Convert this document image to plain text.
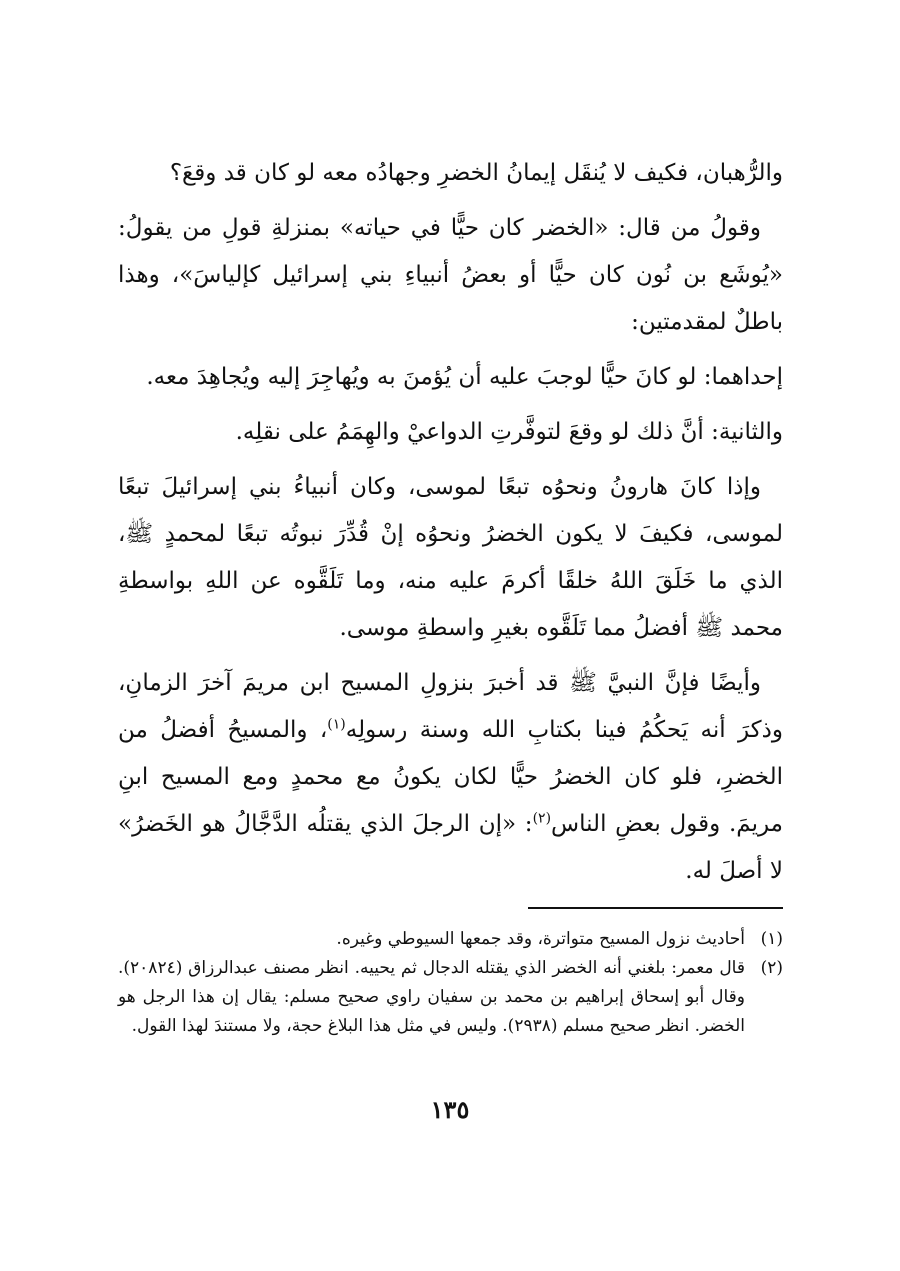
والرُّهبان، فكيف لا يُنقَل إيمانُ الخضرِ وجهادُه معه لو كان قد وقعَ؟

وقولُ من قال: «الخضر كان حيًّا في حياته» بمنزلةِ قولِ من يقولُ: «يُوشَع بن نُون كان حيًّا أو بعضُ أنبياءِ بني إسرائيل كإلياسَ»، وهذا باطلٌ لمقدمتين:

إحداهما: لو كانَ حيًّا لوجبَ عليه أن يُؤمنَ به ويُهاجِرَ إليه ويُجاهِدَ معه.

والثانية: أنَّ ذلك لو وقعَ لتوفَّرتِ الدواعيْ والهِمَمُ على نقلِه.

وإذا كانَ هارونُ ونحوُه تبعًا لموسى، وكان أنبياءُ بني إسرائيلَ تبعًا لموسى، فكيفَ لا يكون الخضرُ ونحوُه إنْ قُدِّرَ نبوتُه تبعًا لمحمدٍ ﷺ، الذي ما خَلَقَ اللهُ خلقًا أكرمَ عليه منه، وما تَلَقَّوه عن اللهِ بواسطةِ محمد ﷺ أفضلُ مما تَلَقَّوه بغيرِ واسطةِ موسى.

وأيضًا فإنَّ النبيَّ ﷺ قد أخبرَ بنزولِ المسيح ابن مريمَ آخرَ الزمانِ، وذكرَ أنه يَحكُمُ فينا بكتابِ الله وسنة رسولِه$^{(١)}$، والمسيحُ أفضلُ من الخضرِ، فلو كان الخضرُ حيًّا لكان يكونُ مع محمدٍ ومع المسيح ابنِ مريمَ. وقول بعضِ الناس$^{(٢)}$: «إن الرجلَ الذي يقتلُه الدَّجَّالُ هو الخَضرُ» لا أصلَ له.

(١)
أحاديث نزول المسيح متواترة، وقد جمعها السيوطي وغيره.
(٢)
قال معمر: بلغني أنه الخضر الذي يقتله الدجال ثم يحييه. انظر مصنف عبدالرزاق (٢٠٨٢٤). وقال أبو إسحاق إبراهيم بن محمد بن سفيان راوي صحيح مسلم: يقال إن هذا الرجل هو الخضر. انظر صحيح مسلم (٢٩٣٨). وليس في مثل هذا البلاغ حجة، ولا مستندَ لهذا القول.
١٣٥
